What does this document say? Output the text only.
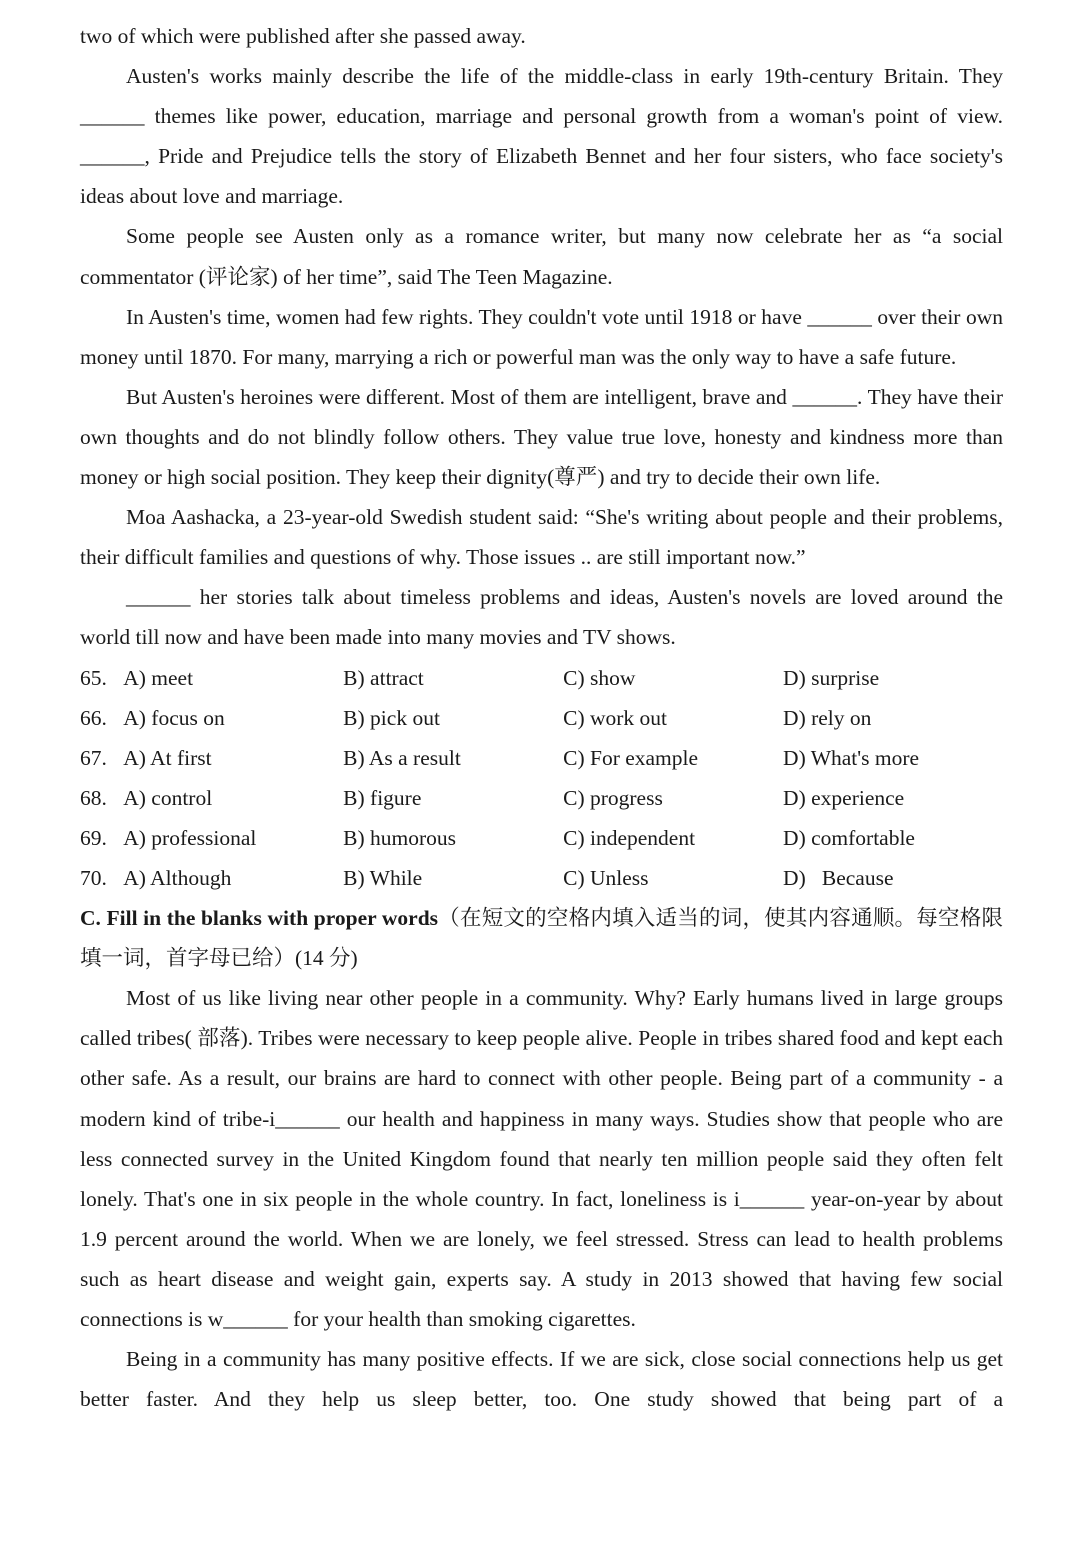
two of which were published after she passed away.

Austen's works mainly describe the life of the middle-class in early 19th-century Britain. They ______ themes like power, education, marriage and personal growth from a woman's point of view. ______, Pride and Prejudice tells the story of Elizabeth Bennet and her four sisters, who face society's ideas about love and marriage.

Some people see Austen only as a romance writer, but many now celebrate her as “a social commentator (评论家) of her time”, said The Teen Magazine.

In Austen's time, women had few rights. They couldn't vote until 1918 or have ______ over their own money until 1870. For many, marrying a rich or powerful man was the only way to have a safe future.

But Austen's heroines were different. Most of them are intelligent, brave and ______. They have their own thoughts and do not blindly follow others. They value true love, honesty and kindness more than money or high social position. They keep their dignity(尊严) and try to decide their own life.

Moa Aashacka, a 23-year-old Swedish student said: “She's writing about people and their problems, their difficult families and questions of why. Those issues .. are still important now.”

______ her stories talk about timeless problems and ideas, Austen's novels are loved around the world till now and have been made into many movies and TV shows.

65. A) meet	B) attract	C) show	D) surprise
66. A) focus on	B) pick out	C) work out	D) rely on
67. A) At first	B) As a result	C) For example	D) What's more
68. A) control	B) figure	C) progress	D) experience
69. A) professional	B) humorous	C) independent	D) comfortable
70. A) Although	B) While	C) Unless	D)   Because

C. Fill in the blanks with proper words（在短文的空格内填入适当的词，使其内容通顺。每空格限填一词，首字母已给）(14 分)

Most of us like living near other people in a community. Why? Early humans lived in large groups called tribes( 部落). Tribes were necessary to keep people alive. People in tribes shared food and kept each other safe. As a result, our brains are hard to connect with other people. Being part of a community - a modern kind of tribe-i______ our health and happiness in many ways. Studies show that people who are less connected survey in the United Kingdom found that nearly ten million people said they often felt lonely. That's one in six people in the whole country. In fact, loneliness is i______ year-on-year by about 1.9 percent around the world. When we are lonely, we feel stressed. Stress can lead to health problems such as heart disease and weight gain, experts say. A study in 2013 showed that having few social connections is w______ for your health than smoking cigarettes.

Being in a community has many positive effects. If we are sick, close social connections help us get better faster. And they help us sleep better, too. One study showed that being part of a
